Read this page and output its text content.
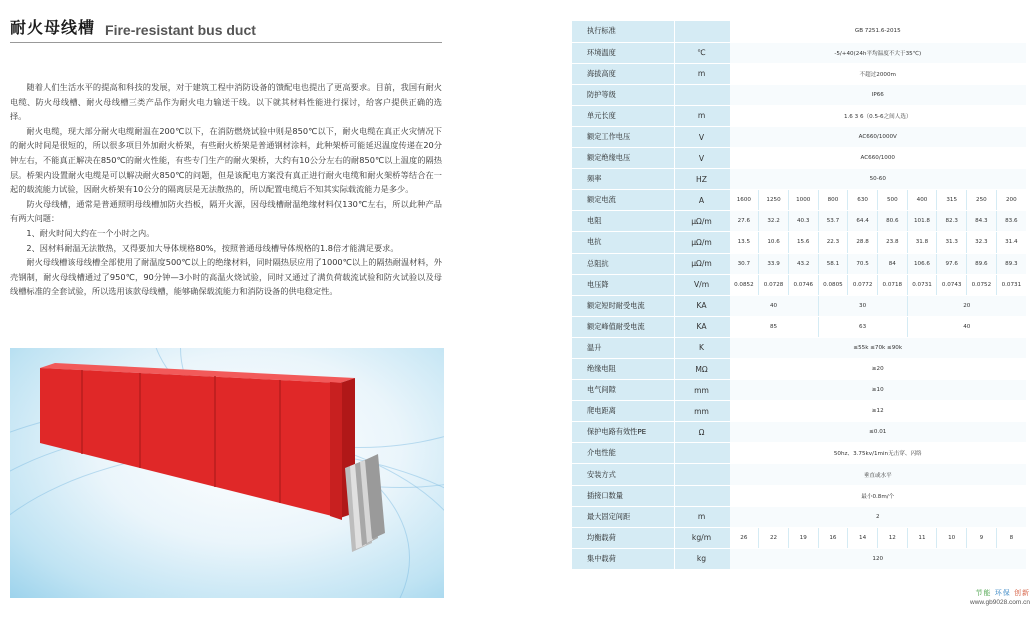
耐火母线槽 Fire-resistant bus duct

随着人们生活水平的提高和科技的发展，对于建筑工程中消防设备的馈配电也提出了更高要求。目前，我国有耐火电缆、防火母线槽、耐火母线槽三类产品作为耐火电力输送干线。以下就其材料性能进行探讨，给客户提供正确的选择。

耐火电缆，现大部分耐火电缆耐温在200℃以下，在消防燃烧试验中则是850℃以下，耐火电缆在真正火灾情况下的耐火时间是很短的，所以很多项目外加耐火桥架，有些耐火桥架是普通钢材涂料，此种架桥可能延迟温度传递在20分钟左右，不能真正解决在850℃的耐火性能，有些专门生产的耐火架桥，大约有10公分左右的耐850℃以上温度的隔热层。桥架内设置耐火电缆是可以解决耐火850℃的问题，但是该配电方案没有真正进行耐火电缆和耐火架桥等结合在一起的载流能力试验，因耐火桥架有10公分的隔离层是无法散热的，所以配置电缆后不知其实际载流能力是多少。

防火母线槽，通常是普通照明母线槽加防火挡板，隔开火源，因母线槽耐温绝缘材料仅130℃左右，所以此种产品有两大问题：

1、耐火时间大约在一个小时之内。

2、因材料耐温无法散热，又得要加大导体规格80%，按照普通母线槽导体规格的1.8倍才能满足要求。

耐火母线槽该母线槽全部使用了耐温度500℃以上的绝缘材料，同时隔热层应用了1000℃以上的隔热耐温材料，外壳钢制，耐火母线槽通过了950℃，90分钟—3小时的高温火烧试验，同时又通过了满负荷载流试验和防火试验以及母线槽标准的全套试验，所以选用该款母线槽，能够确保载流能力和消防设备的供电稳定性。

执行标准		GB 7251.6-2015									
环境温度	℃	-5/+40(24h平均温度不大于35℃)									
海拔高度	m	不超过2000m									
防护等级		IP66									
单元长度	m	1.6 3 6（0.5-6之间人选）									
额定工作电压	V	AC660/1000V									
额定绝缘电压	V	AC660/1000									
频率	HZ	50-60									
额定电流	A	1600	1250	1000	800	630	500	400	315	250	200
电阻	μΩ/m	27.6	32.2	40.3	53.7	64.4	80.6	101.8	82.3	84.3	83.6
电抗	μΩ/m	13.5	10.6	15.6	22.3	28.8	23.8	31.8	31.3	32.3	31.4
总阻抗	μΩ/m	30.7	33.9	43.2	58.1	70.5	84	106.6	97.6	89.6	89.3
电压降	V/m	0.0852	0.0728	0.0746	0.0805	0.0772	0.0718	0.0731	0.0743	0.0752	0.0731
额定短时耐受电流	KA	40			30			20			
额定峰值耐受电流	KA	85			63			40			
温升	K	≤55k ≤70k ≤90k									
绝缘电阻	MΩ	≥20									
电气间隙	mm	≥10									
爬电距离	mm	≥12									
保护电路有效性PE	Ω	≤0.01									
介电性能		50hz、3.75kv/1min无击穿、闪络									
安装方式		垂直或水平									
插接口数量		最小0.8m/个									
最大固定间距	m	2									
均衡载荷	kg/m	26	22	19	16	14	12	11	10	9	8
集中载荷	kg	120									
节能 环保 创新
www.gb9028.com.cn
